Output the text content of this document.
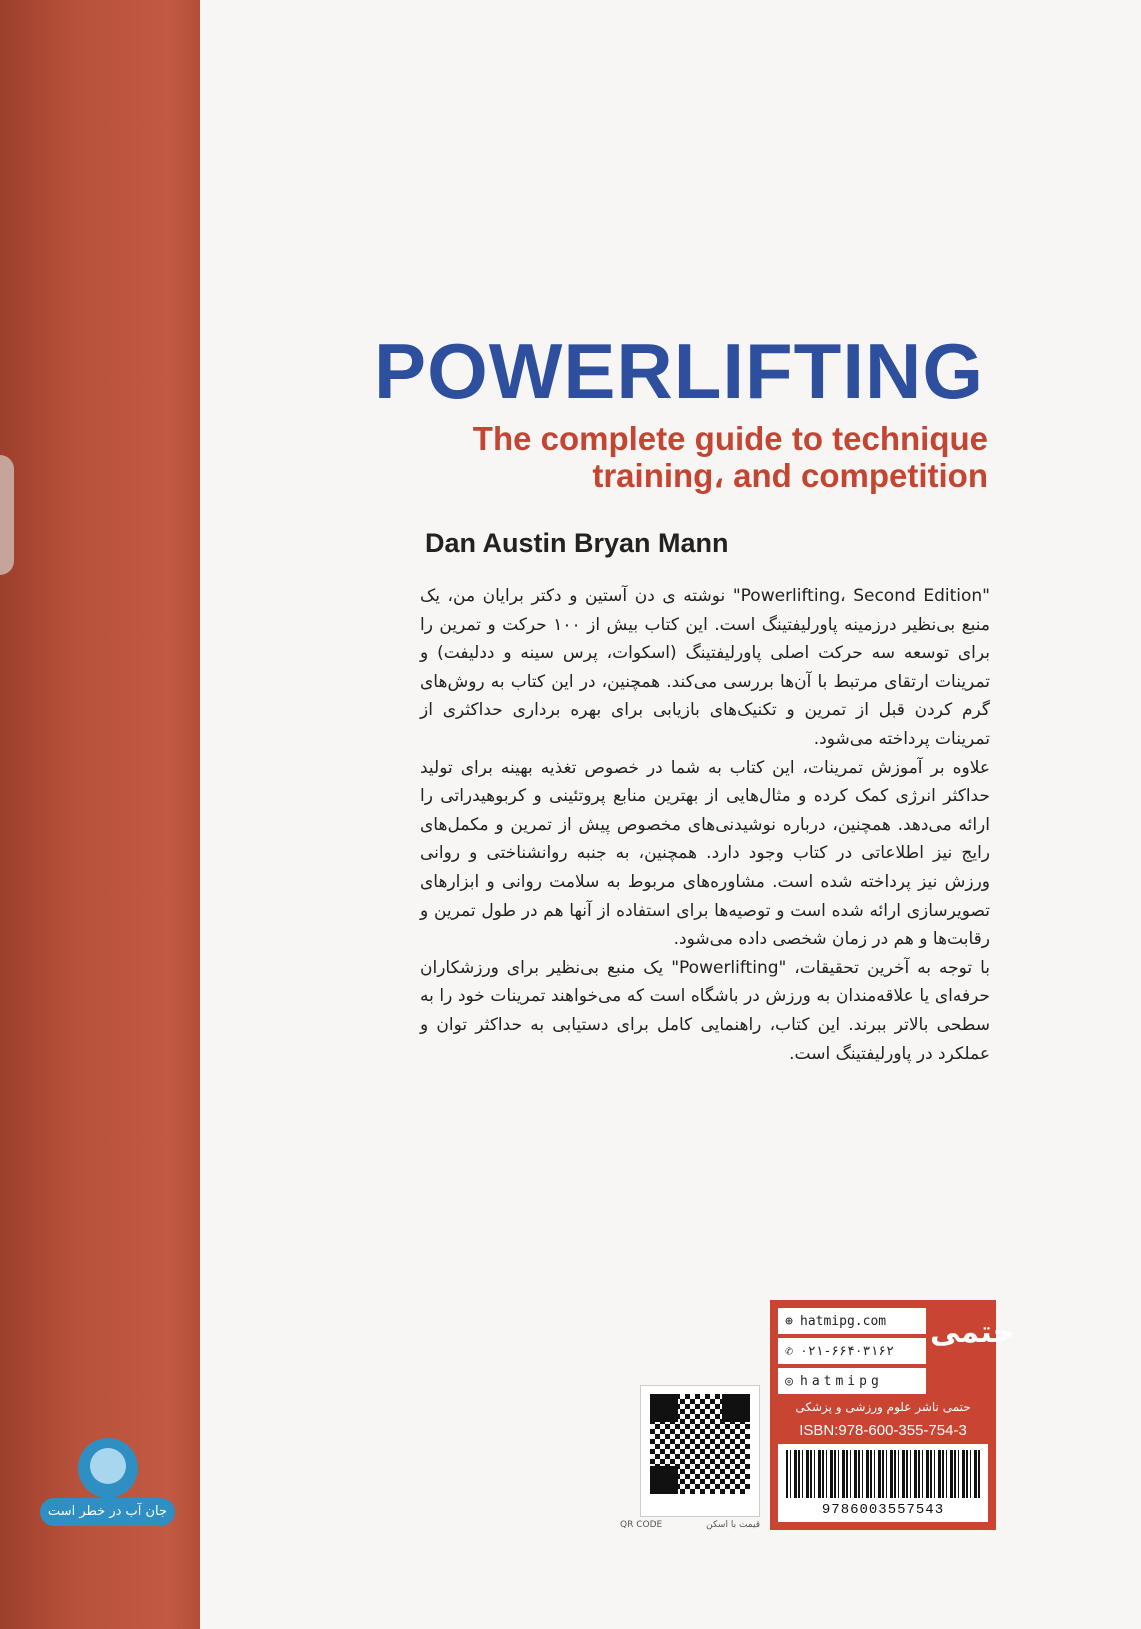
POWERLIFTING
The complete guide to technique
training، and competition
Dan Austin Bryan Mann

"Powerlifting، Second Edition" نوشته ی دن آستین و دکتر برایان من، یک منبع بی‌نظیر درزمینه پاورلیفتینگ است. این کتاب بیش از ۱۰۰ حرکت و تمرین را برای توسعه سه حرکت اصلی پاورلیفتینگ (اسکوات، پرس سینه و ددلیفت) و تمرینات ارتقای مرتبط با آن‌ها بررسی می‌کند. همچنین، در این کتاب به روش‌های گرم کردن قبل از تمرین و تکنیک‌های بازیابی برای بهره برداری حداکثری از تمرینات پرداخته می‌شود.

علاوه بر آموزش تمرینات، این کتاب به شما در خصوص تغذیه بهینه برای تولید حداکثر انرژی کمک کرده و مثال‌هایی از بهترین منابع پروتئینی و کربوهیدراتی را ارائه می‌دهد. همچنین، درباره نوشیدنی‌های مخصوص پیش از تمرین و مکمل‌های رایج نیز اطلاعاتی در کتاب وجود دارد. همچنین، به جنبه روانشناختی و روانی ورزش نیز پرداخته شده است. مشاوره‌های مربوط به سلامت روانی و ابزارهای تصویرسازی ارائه شده است و توصیه‌ها برای استفاده از آنها هم در طول تمرین و رقابت‌ها و هم در زمان شخصی داده می‌شود.

با توجه به آخرین تحقیقات، "Powerlifting" یک منبع بی‌نظیر برای ورزشکاران حرفه‌ای یا علاقه‌مندان به ورزش در باشگاه است که می‌خواهند تمرینات خود را به سطحی بالاتر ببرند. این کتاب، راهنمایی کامل برای دستیابی به حداکثر توان و عملکرد در پاورلیفتینگ است.

⊕ hatmipg.com
✆ ۰۲۱-۶۶۴۰۳۱۶۲
◎ hatmipg
حتمی
حتمی ناشر علوم ورزشی و پزشکی
ISBN:978-600-355-754-3
9786003557543
QR CODE	قیمت با اسکن
جان آب در خطر است
